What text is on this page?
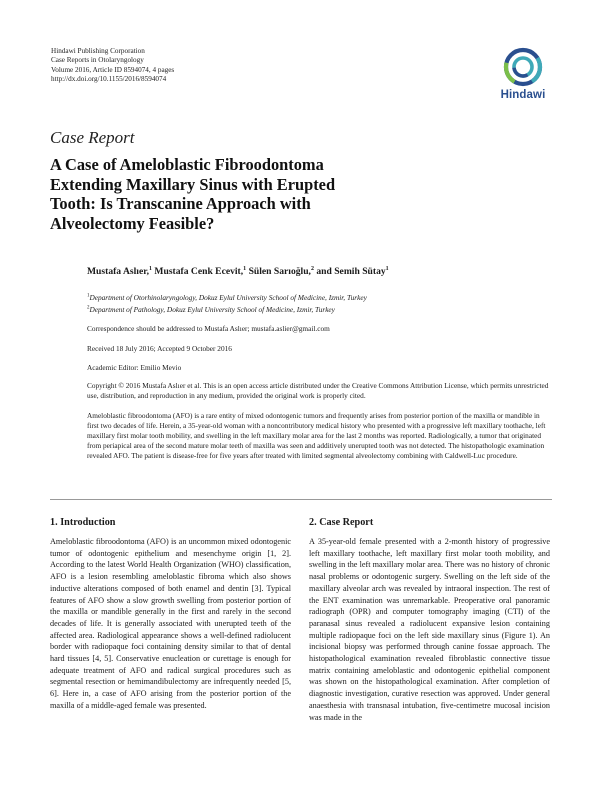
Hindawi Publishing Corporation
Case Reports in Otolaryngology
Volume 2016, Article ID 8594074, 4 pages
http://dx.doi.org/10.1155/2016/8594074
Hindawi
Case Report
A Case of Ameloblastic Fibroodontoma
Extending Maxillary Sinus with Erupted
Tooth: Is Transcanine Approach with
Alveolectomy Feasible?
Mustafa Aslıer,$^1$ Mustafa Cenk Ecevit,$^1$ Sülen Sarıoğlu,$^2$ and Semih Sütay$^1$
$^1$Department of Otorhinolaryngology, Dokuz Eylul University School of Medicine, Izmir, Turkey
$^2$Department of Pathology, Dokuz Eylul University School of Medicine, Izmir, Turkey
Correspondence should be addressed to Mustafa Aslıer; mustafa.aslier@gmail.com
Received 18 July 2016; Accepted 9 October 2016
Academic Editor: Emilio Mevio
Copyright © 2016 Mustafa Aslıer et al. This is an open access article distributed under the Creative Commons Attribution License, which permits unrestricted use, distribution, and reproduction in any medium, provided the original work is properly cited.
Ameloblastic fibroodontoma (AFO) is a rare entity of mixed odontogenic tumors and frequently arises from posterior portion of the maxilla or mandible in first two decades of life. Herein, a 35-year-old woman with a noncontributory medical history who presented with a progressive left maxillary toothache, left maxillary first molar tooth mobility, and swelling in the left maxillary molar area for the last 2 months was reported. Radiologically, a tumor that originated from periapical area of the second mature molar teeth of maxilla was seen and additively unerupted tooth was not detected. The histopathologic examination revealed AFO. The patient is disease-free for five years after treated with limited segmental alveolectomy combining with Caldwell-Luc procedure.
1. Introduction

Ameloblastic fibroodontoma (AFO) is an uncommon mixed odontogenic tumor of odontogenic epithelium and mesenchyme origin [1, 2]. According to the latest World Health Organization (WHO) classification, AFO is a lesion resembling ameloblastic fibroma which also shows inductive alterations composed of both enamel and dentin [3]. Typical features of AFO show a slow growth swelling from posterior portion of the maxilla or mandible generally in the first and rarely in the second decades of life. It is generally associated with unerupted teeth of the affected area. Radiological appearance shows a well-defined radiolucent border with radiopaque foci containing density similar to that of dental hard tissues [4, 5]. Conservative enucleation or curettage is enough for adequate treatment of AFO and radical surgical procedures such as segmental resection or hemimandibulectomy are infrequently needed [5, 6]. Here in, a case of AFO arising from the posterior portion of the maxilla of a middle-aged female was presented.

2. Case Report

A 35-year-old female presented with a 2-month history of progressive left maxillary toothache, left maxillary first molar tooth mobility, and swelling in the left maxillary molar area. There was no history of chronic nasal problems or odontogenic surgery. Swelling on the left side of the maxillary alveolar arch was revealed by intraoral inspection. The rest of the ENT examination was unremarkable. Preoperative oral panoramic radiograph (OPR) and computer tomography imaging (CTI) of the paranasal sinus revealed a radiolucent expansive lesion containing multiple radiopaque foci on the left side maxillary sinus (Figure 1). An incisional biopsy was performed through canine fossae approach. The histopathological examination revealed fibroblastic connective tissue matrix containing ameloblastic and odontogenic epithelial component was shown on the histopathological examination. After completion of diagnostic investigation, curative resection was approved. Under general anaesthesia with transnasal intubation, five-centimetre mucosal incision was made in the
